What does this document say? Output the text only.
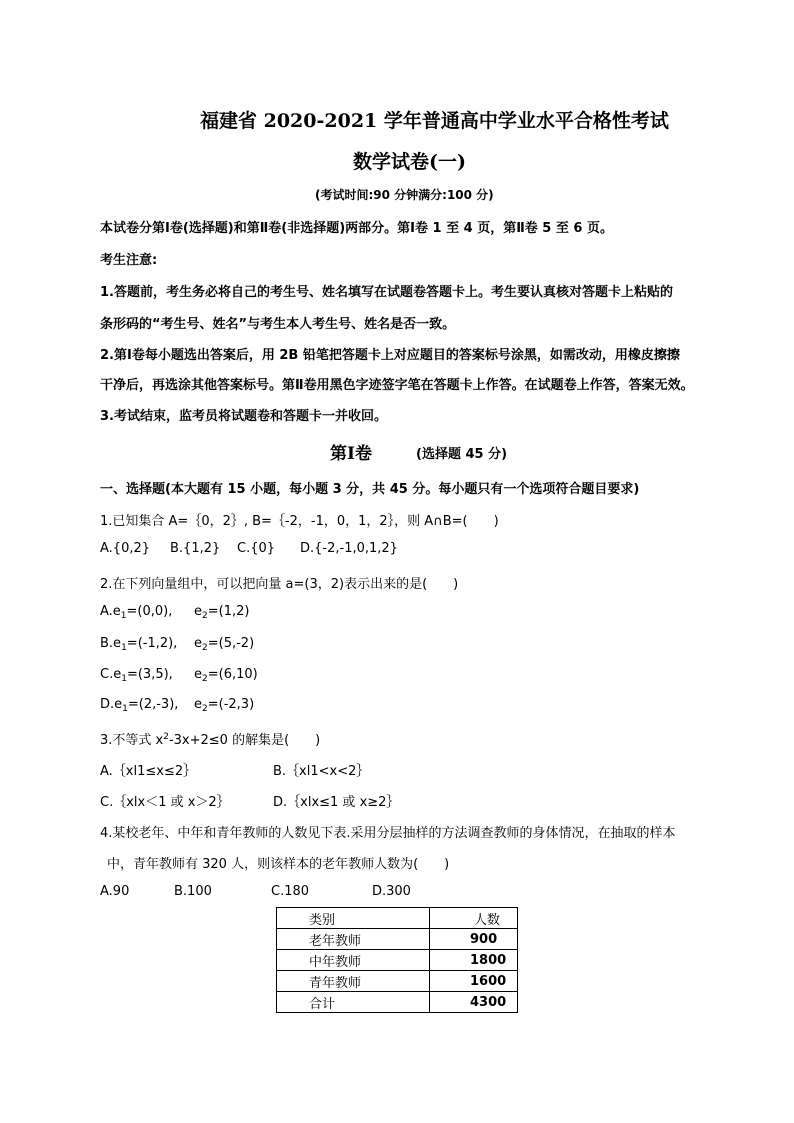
福建省 2020-2021 学年普通高中学业水平合格性考试
数学试卷(一)
(考试时间:90 分钟满分:100 分)
本试卷分第Ⅰ卷(选择题)和第Ⅱ卷(非选择题)两部分。第Ⅰ卷 1 至 4 页，第Ⅱ卷 5 至 6 页。
考生注意:
1.答题前，考生务必将自己的考生号、姓名填写在试题卷答题卡上。考生要认真核对答题卡上粘贴的
条形码的“考生号、姓名”与考生本人考生号、姓名是否一致。
2.第Ⅰ卷每小题选出答案后，用 2B 铅笔把答题卡上对应题目的答案标号涂黑，如需改动，用橡皮擦擦
干净后，再选涂其他答案标号。第Ⅱ卷用黑色字迹签字笔在答题卡上作答。在试题卷上作答，答案无效。
3.考试结束，监考员将试题卷和答题卡一并收回。
第Ⅰ卷	(选择题 45 分)
一、选择题(本大题有 15 小题，每小题 3 分，共 45 分。每小题只有一个选项符合题目要求)
1.已知集合 A=｛0，2｝, B=｛-2，-1，0，1，2｝，则 A∩B=(　　)
A.{0,2} B.{1,2} C.{0} D.{-2,-1,0,1,2}
2.在下列向量组中，可以把向量 a=(3，2)表示出来的是(　　)
$A.e_1=(0,0)$, $e_2=(1,2)$
$B.e_1=(-1,2)$, $e_2=(5,-2)$
$C.e_1=(3,5)$, $e_2=(6,10)$
$D.e_1=(2,-3)$, $e_2=(-2,3)$
3.不等式 $x^2-3x+2\le 0$ 的解集是(　　)
A.｛xl1≤x≤2｝	B.｛xl1<x<2｝
C.｛xlx＜1 或 x＞2｝	D.｛xlx≤1 或 x≥2｝
4.某校老年、中年和青年教师的人数见下表.采用分层抽样的方法调查教师的身体情况，在抽取的样本
中，青年教师有 320 人，则该样本的老年教师人数为(　　)
A.90	B.100	C.180	D.300
类别	人数
老年教师	900
中年教师	1800
青年教师	1600
合计	4300
